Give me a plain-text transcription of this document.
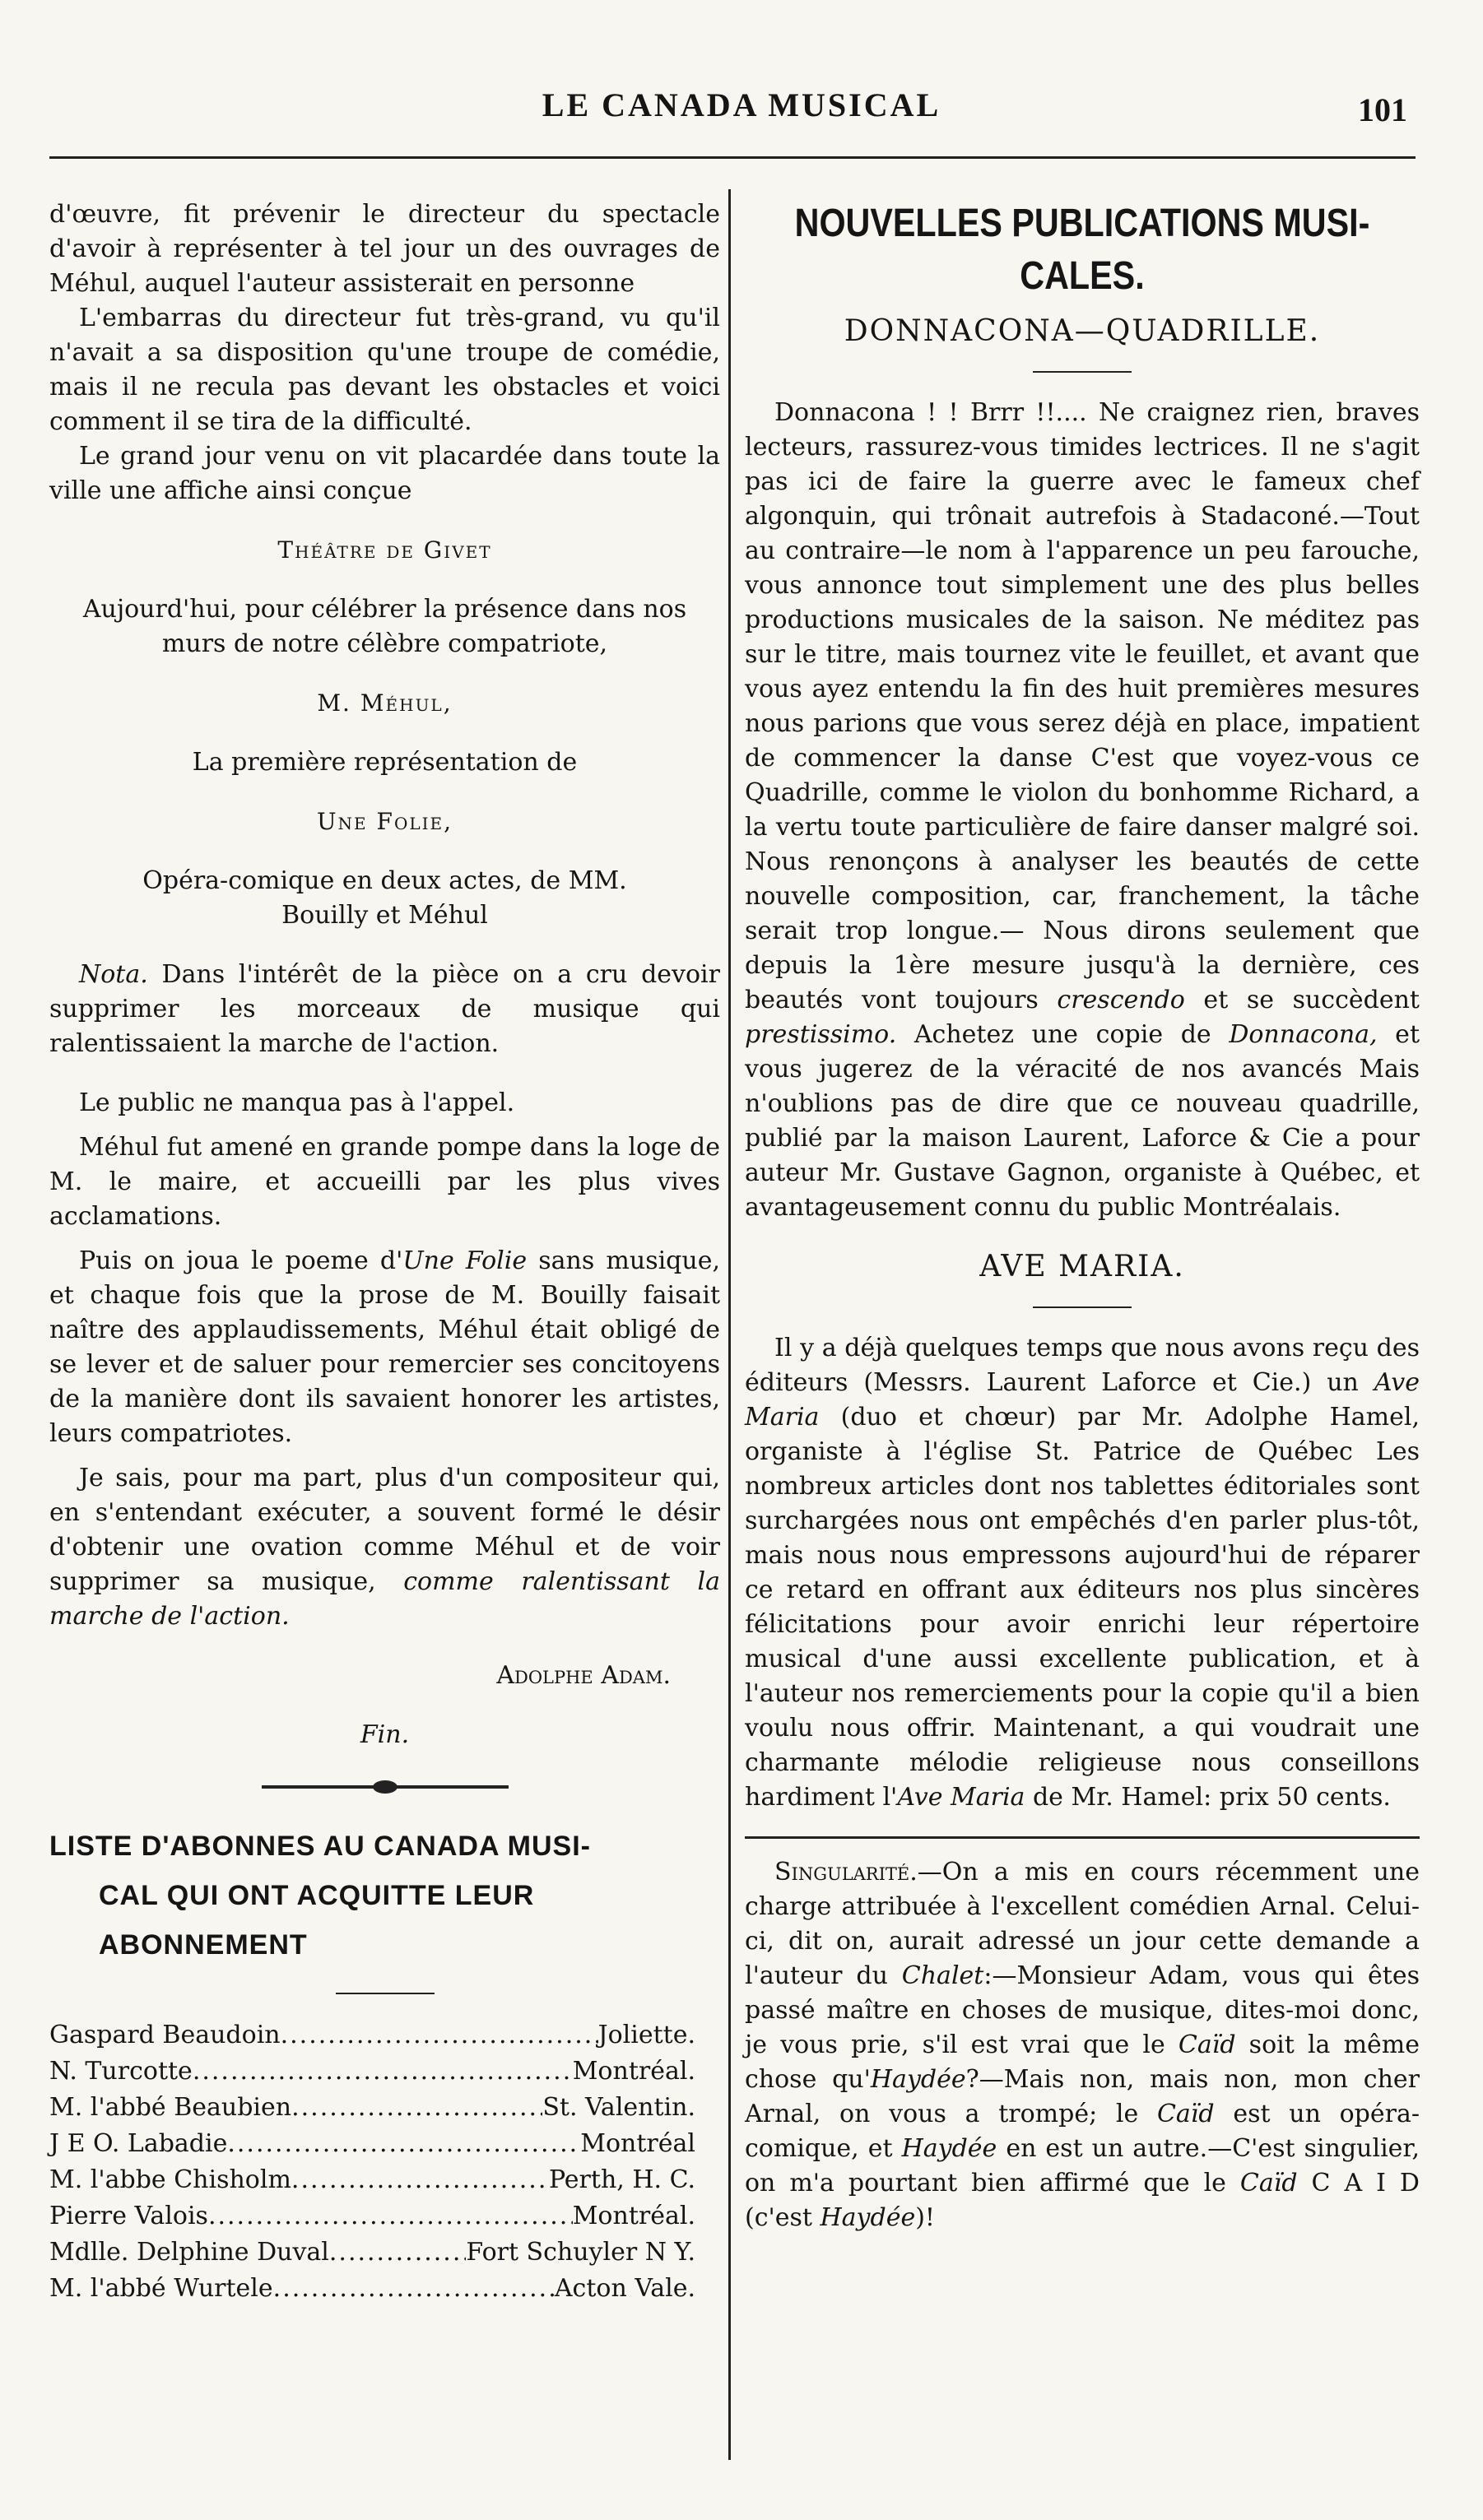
LE CANADA MUSICAL	101

d'œuvre, fit prévenir le directeur du spectacle d'avoir à représenter à tel jour un des ouvrages de Méhul, auquel l'auteur assisterait en personne

L'embarras du directeur fut très-grand, vu qu'il n'avait a sa disposition qu'une troupe de comédie, mais il ne recula pas devant les obstacles et voici comment il se tira de la difficulté.

Le grand jour venu on vit placardée dans toute la ville une affiche ainsi conçue

Théâtre de Givet

Aujourd'hui, pour célébrer la présence dans nos murs de notre célèbre compatriote,

M. Méhul,

La première représentation de

Une Folie,

Opéra-comique en deux actes, de MM. Bouilly et Méhul

Nota. Dans l'intérêt de la pièce on a cru devoir supprimer les morceaux de musique qui ralentissaient la marche de l'action.

Le public ne manqua pas à l'appel.

Méhul fut amené en grande pompe dans la loge de M. le maire, et accueilli par les plus vives acclamations.

Puis on joua le poeme d'Une Folie sans musique, et chaque fois que la prose de M. Bouilly faisait naître des applaudissements, Méhul était obligé de se lever et de saluer pour remercier ses concitoyens de la manière dont ils savaient honorer les artistes, leurs compatriotes.

Je sais, pour ma part, plus d'un compositeur qui, en s'entendant exécuter, a souvent formé le désir d'obtenir une ovation comme Méhul et de voir supprimer sa musique, comme ralentissant la marche de l'action.

Adolphe Adam.

Fin.

LISTE D'ABONNES AU CANADA MUSI-
CAL QUI ONT ACQUITTE LEUR
ABONNEMENT
Gaspard Beaudoin .....	Joliette.
N. Turcotte .....	Montréal.
M. l'abbé Beaubien .....	St. Valentin.
J E O. Labadie .....	Montréal
M. l'abbe Chisholm .....	Perth, H. C.
Pierre Valois .....	Montréal.
Mdlle. Delphine Duval .....	Fort Schuyler N Y.
M. l'abbé Wurtele .....	Acton Vale.
NOUVELLES PUBLICATIONS MUSI-
CALES.
DONNACONA—QUADRILLE.

Donnacona ! ! Brrr !!.... Ne craignez rien, braves lecteurs, rassurez-vous timides lectrices. Il ne s'agit pas ici de faire la guerre avec le fameux chef algonquin, qui trônait autrefois à Stadaconé.—Tout au contraire—le nom à l'apparence un peu farouche, vous annonce tout simplement une des plus belles productions musicales de la saison. Ne méditez pas sur le titre, mais tournez vite le feuillet, et avant que vous ayez entendu la fin des huit premières mesures nous parions que vous serez déjà en place, impatient de commencer la danse C'est que voyez-vous ce Quadrille, comme le violon du bonhomme Richard, a la vertu toute particulière de faire danser malgré soi. Nous renonçons à analyser les beautés de cette nouvelle composition, car, franchement, la tâche serait trop longue.— Nous dirons seulement que depuis la 1ère mesure jusqu'à la dernière, ces beautés vont toujours crescendo et se succèdent prestissimo. Achetez une copie de Donnacona, et vous jugerez de la véracité de nos avancés Mais n'oublions pas de dire que ce nouveau quadrille, publié par la maison Laurent, Laforce & Cie a pour auteur Mr. Gustave Gagnon, organiste à Québec, et avantageusement connu du public Montréalais.

AVE MARIA.

Il y a déjà quelques temps que nous avons reçu des éditeurs (Messrs. Laurent Laforce et Cie.) un Ave Maria (duo et chœur) par Mr. Adolphe Hamel, organiste à l'église St. Patrice de Québec Les nombreux articles dont nos tablettes éditoriales sont surchargées nous ont empêchés d'en parler plus-tôt, mais nous nous empressons aujourd'hui de réparer ce retard en offrant aux éditeurs nos plus sincères félicitations pour avoir enrichi leur répertoire musical d'une aussi excellente publication, et à l'auteur nos remerciements pour la copie qu'il a bien voulu nous offrir. Maintenant, a qui voudrait une charmante mélodie religieuse nous conseillons hardiment l'Ave Maria de Mr. Hamel: prix 50 cents.

Singularité.—On a mis en cours récemment une charge attribuée à l'excellent comédien Arnal. Celui-ci, dit on, aurait adressé un jour cette demande a l'auteur du Chalet:—Monsieur Adam, vous qui êtes passé maître en choses de musique, dites-moi donc, je vous prie, s'il est vrai que le Caïd soit la même chose qu'Haydée?—Mais non, mais non, mon cher Arnal, on vous a trompé; le Caïd est un opéra-comique, et Haydée en est un autre.—C'est singulier, on m'a pourtant bien affirmé que le Caïd C A I D (c'est Haydée)!
